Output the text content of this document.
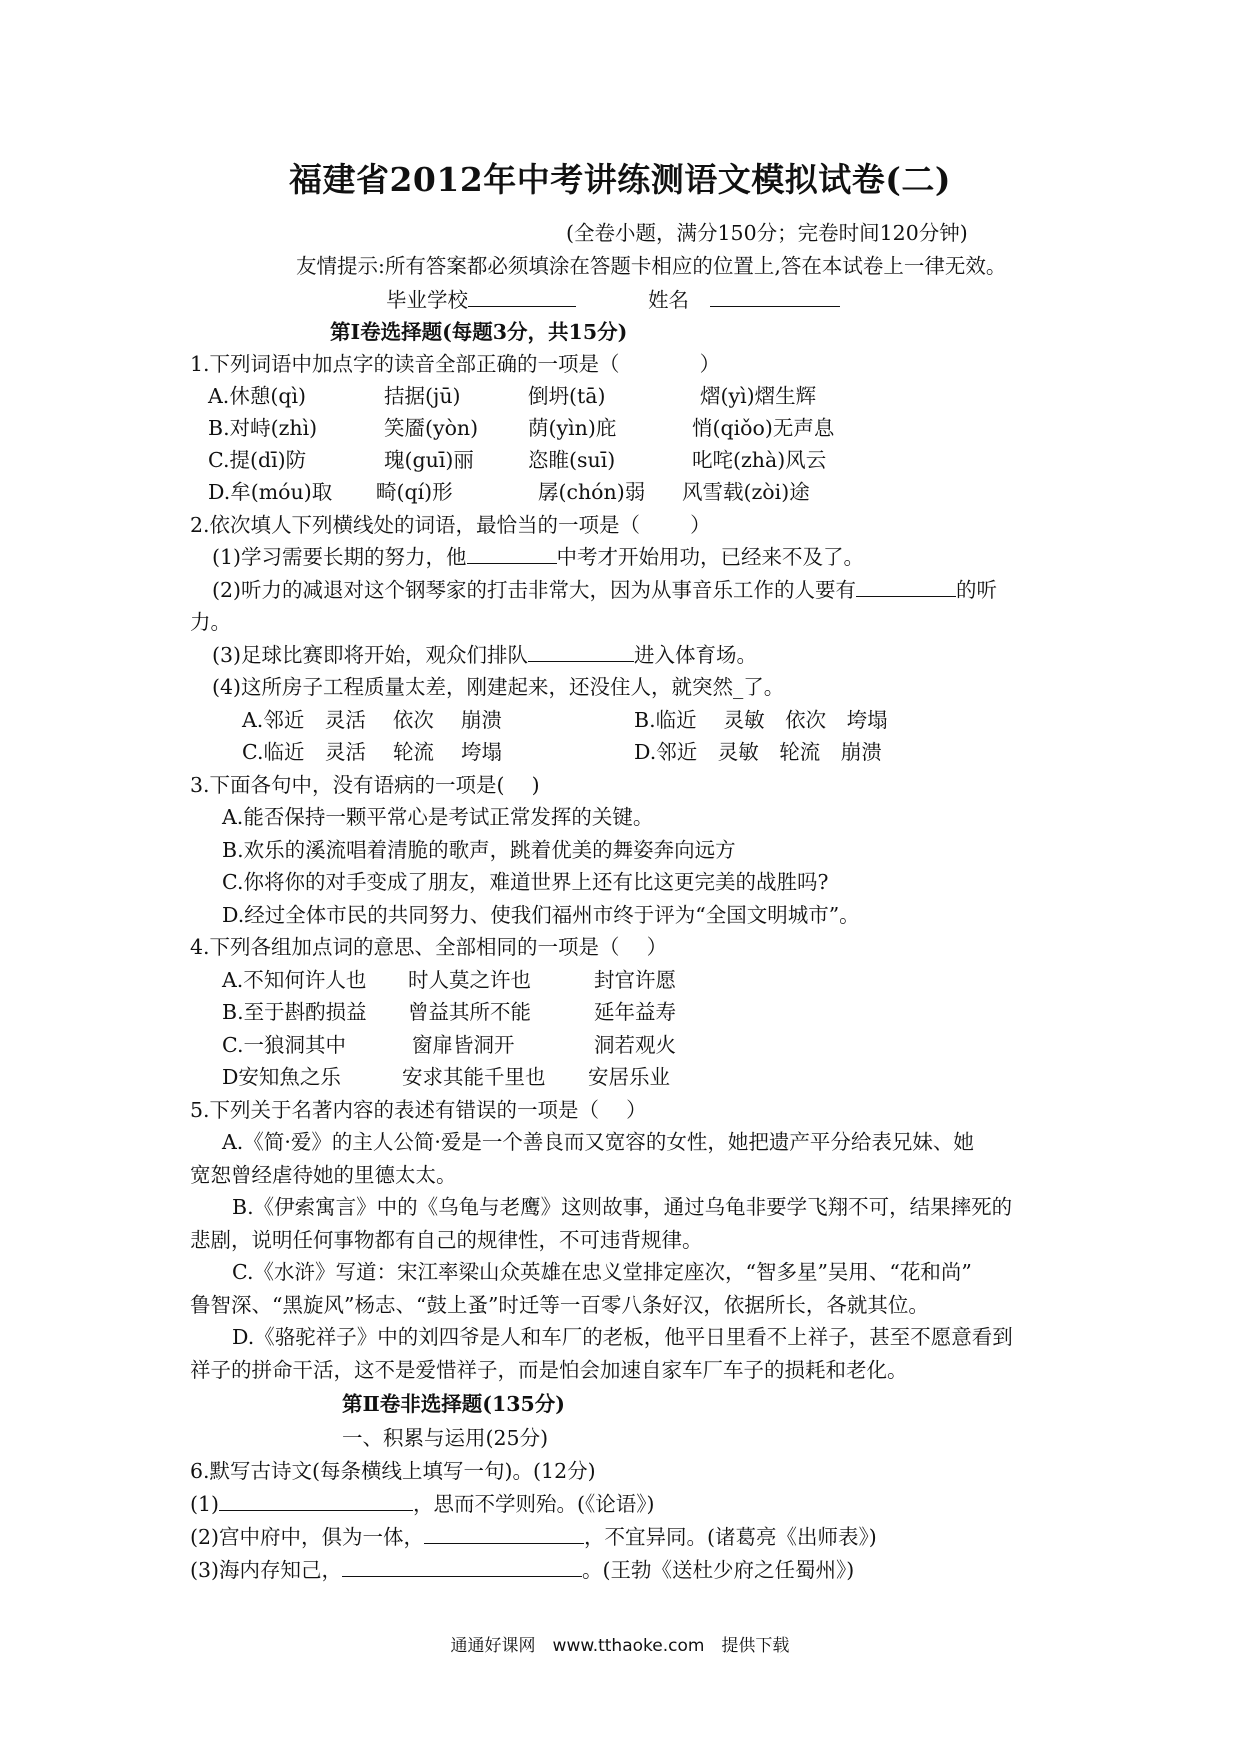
福建省2012年中考讲练测语文模拟试卷(二)
(全卷小题，满分150分；完卷时间120分钟)
友情提示:所有答案都必须填涂在答题卡相应的位置上,答在本试卷上一律无效。
毕业学校	姓名　
第Ⅰ卷选择题(每题3分，共15分)
1.下列词语中加点字的读音全部正确的一项是（	）
A.休憩(qì)	拮据(jū)	倒坍(tā)	熠(yì)熠生辉
B.对峙(zhì)	笑靥(yòn) 荫(yìn)庇	悄(qiǒo)无声息
C.提(dī)防	瑰(guī)丽	恣睢(suī)	叱咤(zhà)风云
D.牟(móu)取 畸(qí)形	孱(chón)弱 风雪载(zòi)途
2.依次填人下列横线处的词语，最恰当的一项是（ ）
(1)学习需要长期的努力，他	中考才开始用功，已经来不及了。
(2)听力的减退对这个钢琴家的打击非常大，因为从事音乐工作的人要有	的听
力。
(3)足球比赛即将开始，观众们排队	进入体育场。
(4)这所房子工程质量太差，刚建起来，还没住人，就突然_了。
A.邻近　灵活　 依次　 崩溃	B.临近　 灵敏　依次　垮塌
C.临近　灵活　 轮流　 垮塌	D.邻近　灵敏　轮流　崩溃
3.下面各句中，没有语病的一项是(　 )
A.能否保持一颗平常心是考试正常发挥的关键。
B.欢乐的溪流唱着清脆的歌声，跳着优美的舞姿奔向远方
C.你将你的对手变成了朋友，难道世界上还有比这更完美的战胜吗?
D.经过全体市民的共同努力、使我们福州市终于评为“全国文明城市”。
4.下列各组加点词的意思、全部相同的一项是（　 ）
A.不知何许人也 时人莫之许也	封官许愿
B.至于斟酌损益 曾益其所不能	延年益寿
C.一狼洞其中	窗扉皆洞开	洞若观火
D安知魚之乐	安求其能千里也 安居乐业
5.下列关于名著内容的表述有错误的一项是（　 ）
A.《简·爱》的主人公简·爱是一个善良而又宽容的女性，她把遗产平分给表兄妹、她
宽恕曾经虐待她的里德太太。
B.《伊索寓言》中的《乌龟与老鹰》这则故事，通过乌龟非要学飞翔不可，结果摔死的
悲剧，说明任何事物都有自己的规律性，不可违背规律。
C.《水浒》写道：宋江率梁山众英雄在忠义堂排定座次，“智多星”吴用、“花和尚”
鲁智深、“黑旋风”杨志、“鼓上蚤”时迁等一百零八条好汉，依据所长，各就其位。
D.《骆驼祥子》中的刘四爷是人和车厂的老板，他平日里看不上祥子，甚至不愿意看到
祥子的拼命干活，这不是爱惜祥子，而是怕会加速自家车厂车子的损耗和老化。
第Ⅱ卷非选择题(135分)
一、积累与运用(25分)
6.默写古诗文(每条横线上填写一句)。(12分)
(1)	，思而不学则殆。(《论语》)
(2)宫中府中，俱为一体，	，不宜异同。(诸葛亮《出师表》)
(3)海内存知己，	。(王勃《送杜少府之任蜀州》)
通通好课网　www.tthaoke.com　提供下载
